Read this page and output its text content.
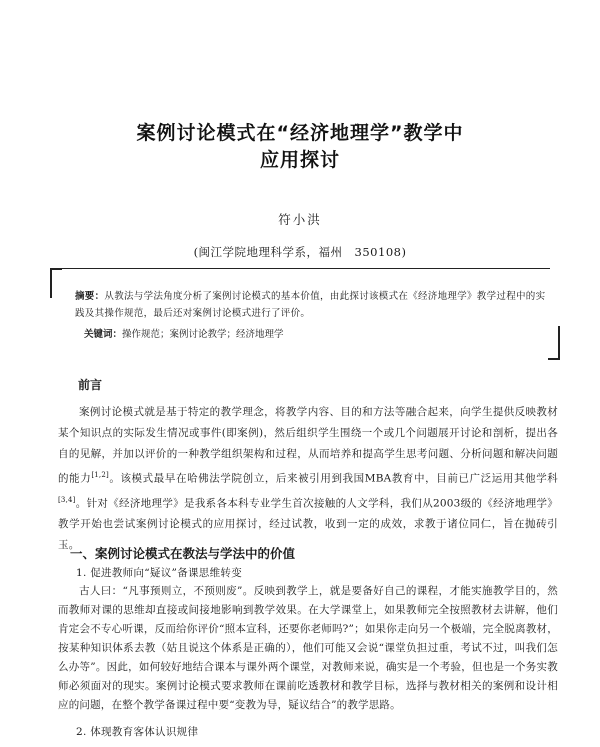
案例讨论模式在“经济地理学”教学中
应用探讨
符小洪
(闽江学院地理科学系，福州　350108)
摘要：从教法与学法角度分析了案例讨论模式的基本价值，由此探讨该模式在《经济地理学》教学过程中的实践及其操作规范，最后还对案例讨论模式进行了评价。
关键词：操作规范；案例讨论教学；经济地理学
前言

案例讨论模式就是基于特定的教学理念，将教学内容、目的和方法等融合起来，向学生提供反映教材某个知识点的实际发生情况或事件(即案例)，然后组织学生围绕一个或几个问题展开讨论和剖析，提出各自的见解，并加以评价的一种教学组织架构和过程，从而培养和提高学生思考问题、分析问题和解决问题的能力[1,2]。该模式最早在哈佛法学院创立，后来被引用到我国MBA教育中，目前已广泛运用其他学科[3,4]。针对《经济地理学》是我系各本科专业学生首次接触的人文学科，我们从2003级的《经济地理学》教学开始也尝试案例讨论模式的应用探讨，经过试教，收到一定的成效，求教于诸位同仁，旨在抛砖引玉。

一、案例讨论模式在教法与学法中的价值
1. 促进教师向“疑议”备课思维转变

古人曰：“凡事预则立，不预则废”。反映到教学上，就是要备好自己的课程，才能实施教学目的，然而教师对课的思维却直接或间接地影响到教学效果。在大学课堂上，如果教师完全按照教材去讲解，他们肯定会不专心听课，反而给你评价“照本宣科，还要你老师吗?”；如果你走向另一个极端，完全脱离教材，按某种知识体系去教（姑且说这个体系是正确的），他们可能又会说“课堂负担过重，考试不过，叫我们怎么办等”。因此，如何较好地结合课本与课外两个课堂，对教师来说，确实是一个考验，但也是一个务实教师必须面对的现实。案例讨论模式要求教师在课前吃透教材和教学目标，选择与教材相关的案例和设计相应的问题，在整个教学备课过程中要“变教为导，疑议结合”的教学思路。

2. 体现教育客体认识规律
